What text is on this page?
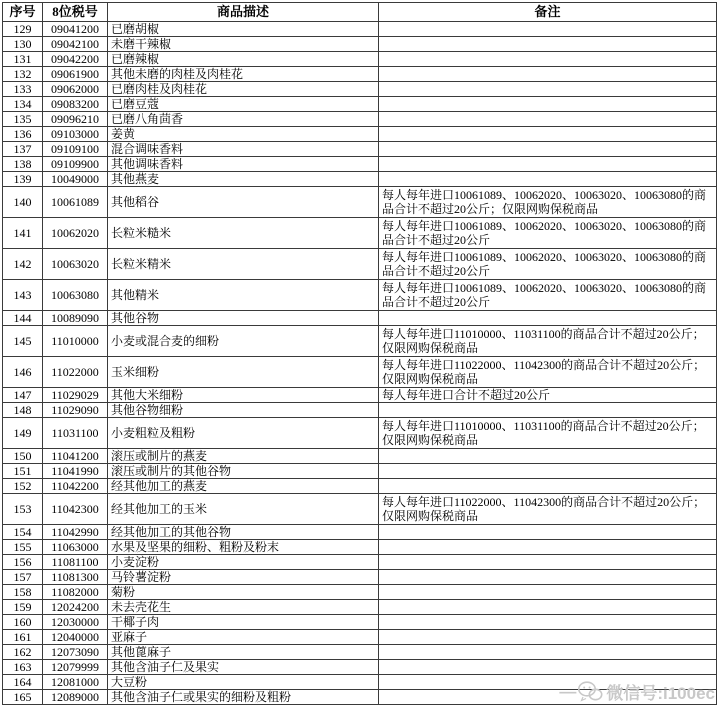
序号	8位税号	商品描述	备注
129	09041200	已磨胡椒	
130	09042100	未磨干辣椒	
131	09042200	已磨辣椒	
132	09061900	其他未磨的肉桂及肉桂花	
133	09062000	已磨肉桂及肉桂花	
134	09083200	已磨豆蔻	
135	09096210	已磨八角茴香	
136	09103000	姜黄	
137	09109100	混合调味香料	
138	09109900	其他调味香料	
139	10049000	其他燕麦	
140	10061089	其他稻谷	每人每年进口10061089、10062020、10063020、10063080的商品合计不超过20公斤；仅限网购保税商品
141	10062020	长粒米糙米	每人每年进口10061089、10062020、10063020、10063080的商品合计不超过20公斤
142	10063020	长粒米精米	每人每年进口10061089、10062020、10063020、10063080的商品合计不超过20公斤
143	10063080	其他精米	每人每年进口10061089、10062020、10063020、10063080的商品合计不超过20公斤
144	10089090	其他谷物	
145	11010000	小麦或混合麦的细粉	每人每年进口11010000、11031100的商品合计不超过20公斤；仅限网购保税商品
146	11022000	玉米细粉	每人每年进口11022000、11042300的商品合计不超过20公斤；仅限网购保税商品
147	11029029	其他大米细粉	每人每年进口合计不超过20公斤
148	11029090	其他谷物细粉	
149	11031100	小麦粗粒及粗粉	每人每年进口11010000、11031100的商品合计不超过20公斤；仅限网购保税商品
150	11041200	滚压或制片的燕麦	
151	11041990	滚压或制片的其他谷物	
152	11042200	经其他加工的燕麦	
153	11042300	经其他加工的玉米	每人每年进口11022000、11042300的商品合计不超过20公斤；仅限网购保税商品
154	11042990	经其他加工的其他谷物	
155	11063000	水果及坚果的细粉、粗粉及粉末	
156	11081100	小麦淀粉	
157	11081300	马铃薯淀粉	
158	11082000	菊粉	
159	12024200	未去壳花生	
160	12030000	干椰子肉	
161	12040000	亚麻子	
162	12073090	其他蓖麻子	
163	12079999	其他含油子仁及果实	
164	12081000	大豆粉	
165	12089000	其他含油子仁或果实的细粉及粗粉		— 微信号:i100ec
